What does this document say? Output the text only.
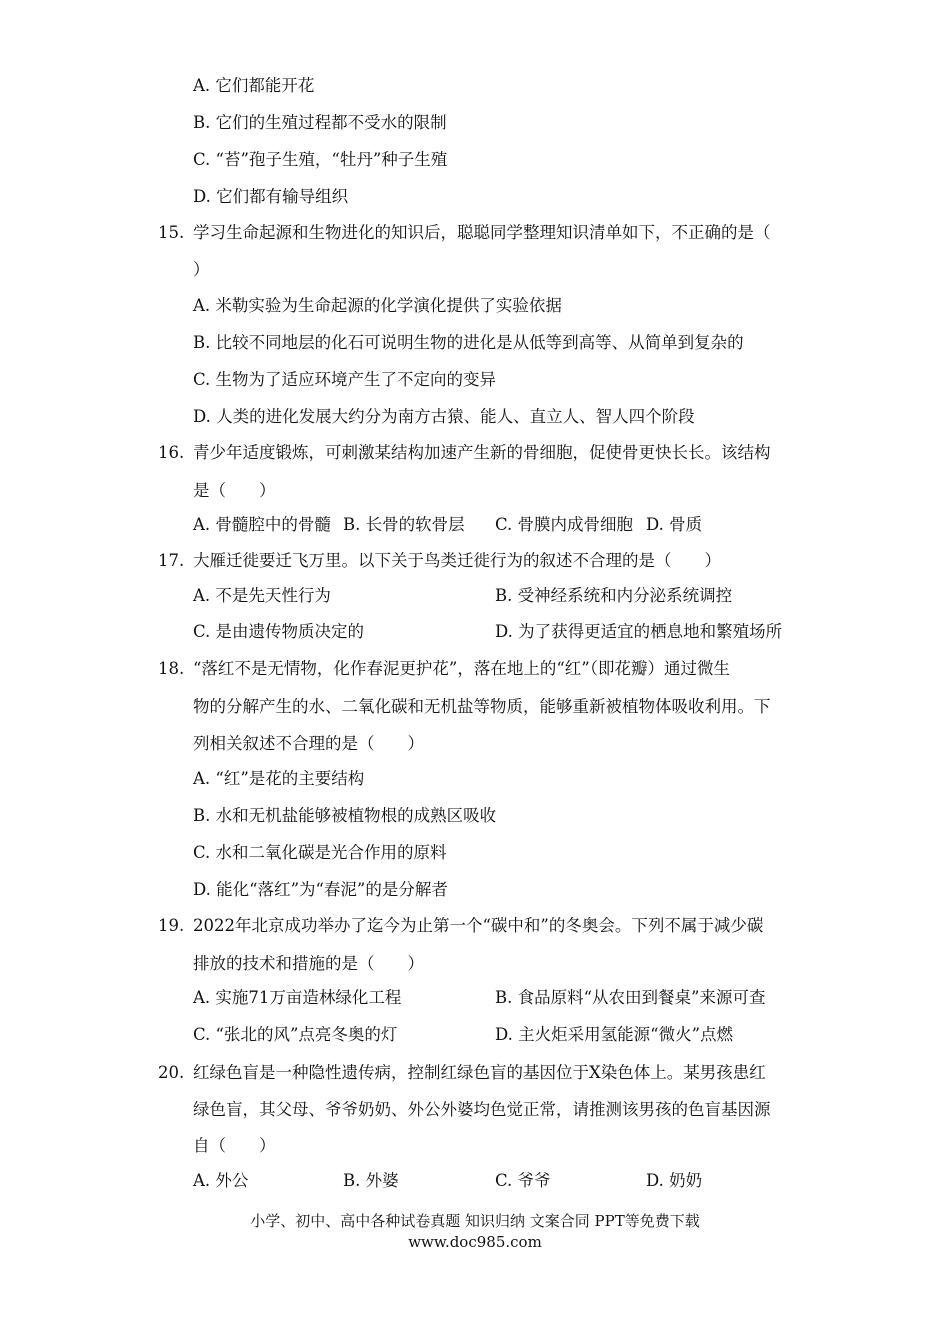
A. 它们都能开花
B. 它们的生殖过程都不受水的限制
C. “苔”孢子生殖，“牡丹”种子生殖
D. 它们都有输导组织
15. 学习生命起源和生物进化的知识后，聪聪同学整理知识清单如下，不正确的是（
）
A. 米勒实验为生命起源的化学演化提供了实验依据
B. 比较不同地层的化石可说明生物的进化是从低等到高等、从简单到复杂的
C. 生物为了适应环境产生了不定向的变异
D. 人类的进化发展大约分为南方古猿、能人、直立人、智人四个阶段
16. 青少年适度锻炼，可刺激某结构加速产生新的骨细胞，促使骨更快长长。该结构
是（　　）
A. 骨髓腔中的骨髓 B. 长骨的软骨层 C. 骨膜内成骨细胞 D. 骨质
17. 大雁迁徙要迁飞万里。以下关于鸟类迁徙行为的叙述不合理的是（　　）
A. 不是先天性行为	B. 受神经系统和内分泌系统调控
C. 是由遗传物质决定的	D. 为了获得更适宜的栖息地和繁殖场所
18. “落红不是无情物，化作春泥更护花”，落在地上的“红”（即花瓣）通过微生
物的分解产生的水、二氧化碳和无机盐等物质，能够重新被植物体吸收利用。下
列相关叙述不合理的是（　　）
A. “红”是花的主要结构
B. 水和无机盐能够被植物根的成熟区吸收
C. 水和二氧化碳是光合作用的原料
D. 能化“落红”为“春泥”的是分解者
19. 2022年北京成功举办了迄今为止第一个“碳中和”的冬奥会。下列不属于减少碳
排放的技术和措施的是（　　）
A. 实施71万亩造林绿化工程	B. 食品原料“从农田到餐桌”来源可查
C. “张北的风”点亮冬奥的灯	D. 主火炬采用氢能源“微火”点燃
20. 红绿色盲是一种隐性遗传病，控制红绿色盲的基因位于X染色体上。某男孩患红
绿色盲，其父母、爷爷奶奶、外公外婆均色觉正常，请推测该男孩的色盲基因源
自（　　）
A. 外公	B. 外婆	C. 爷爷	D. 奶奶
小学、初中、高中各种试卷真题 知识归纳 文案合同 PPT等免费下载
www.doc985.com
